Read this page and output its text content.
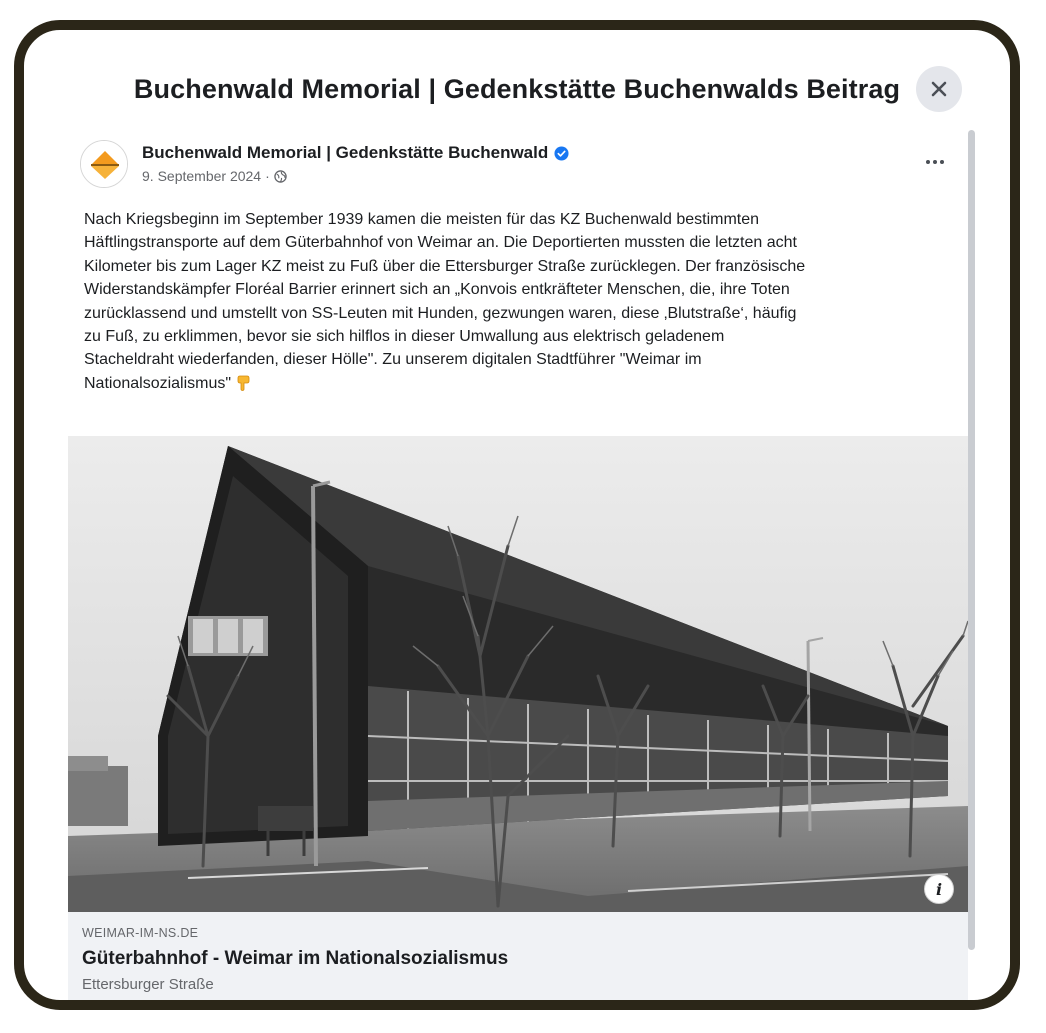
Buchenwald Memorial | Gedenkstätte Buchenwalds Beitrag
Buchenwald Memorial | Gedenkstätte Buchenwald
9. September 2024 ·
Nach Kriegsbeginn im September 1939 kamen die meisten für das KZ Buchenwald bestimmten
Häftlingstransporte auf dem Güterbahnhof von Weimar an. Die Deportierten mussten die letzten acht
Kilometer bis zum Lager KZ meist zu Fuß über die Ettersburger Straße zurücklegen. Der französische
Widerstandskämpfer Floréal Barrier erinnert sich an „Konvois entkräfteter Menschen, die, ihre Toten
zurücklassend und umstellt von SS-Leuten mit Hunden, gezwungen waren, diese ‚Blutstraße‘, häufig
zu Fuß, zu erklimmen, bevor sie sich hilflos in dieser Umwallung aus elektrisch geladenem
Stacheldraht wiederfanden, dieser Hölle". Zu unserem digitalen Stadtführer "Weimar im
Nationalsozialismus"
i
WEIMAR-IM-NS.DE
Güterbahnhof - Weimar im Nationalsozialismus
Ettersburger Straße
